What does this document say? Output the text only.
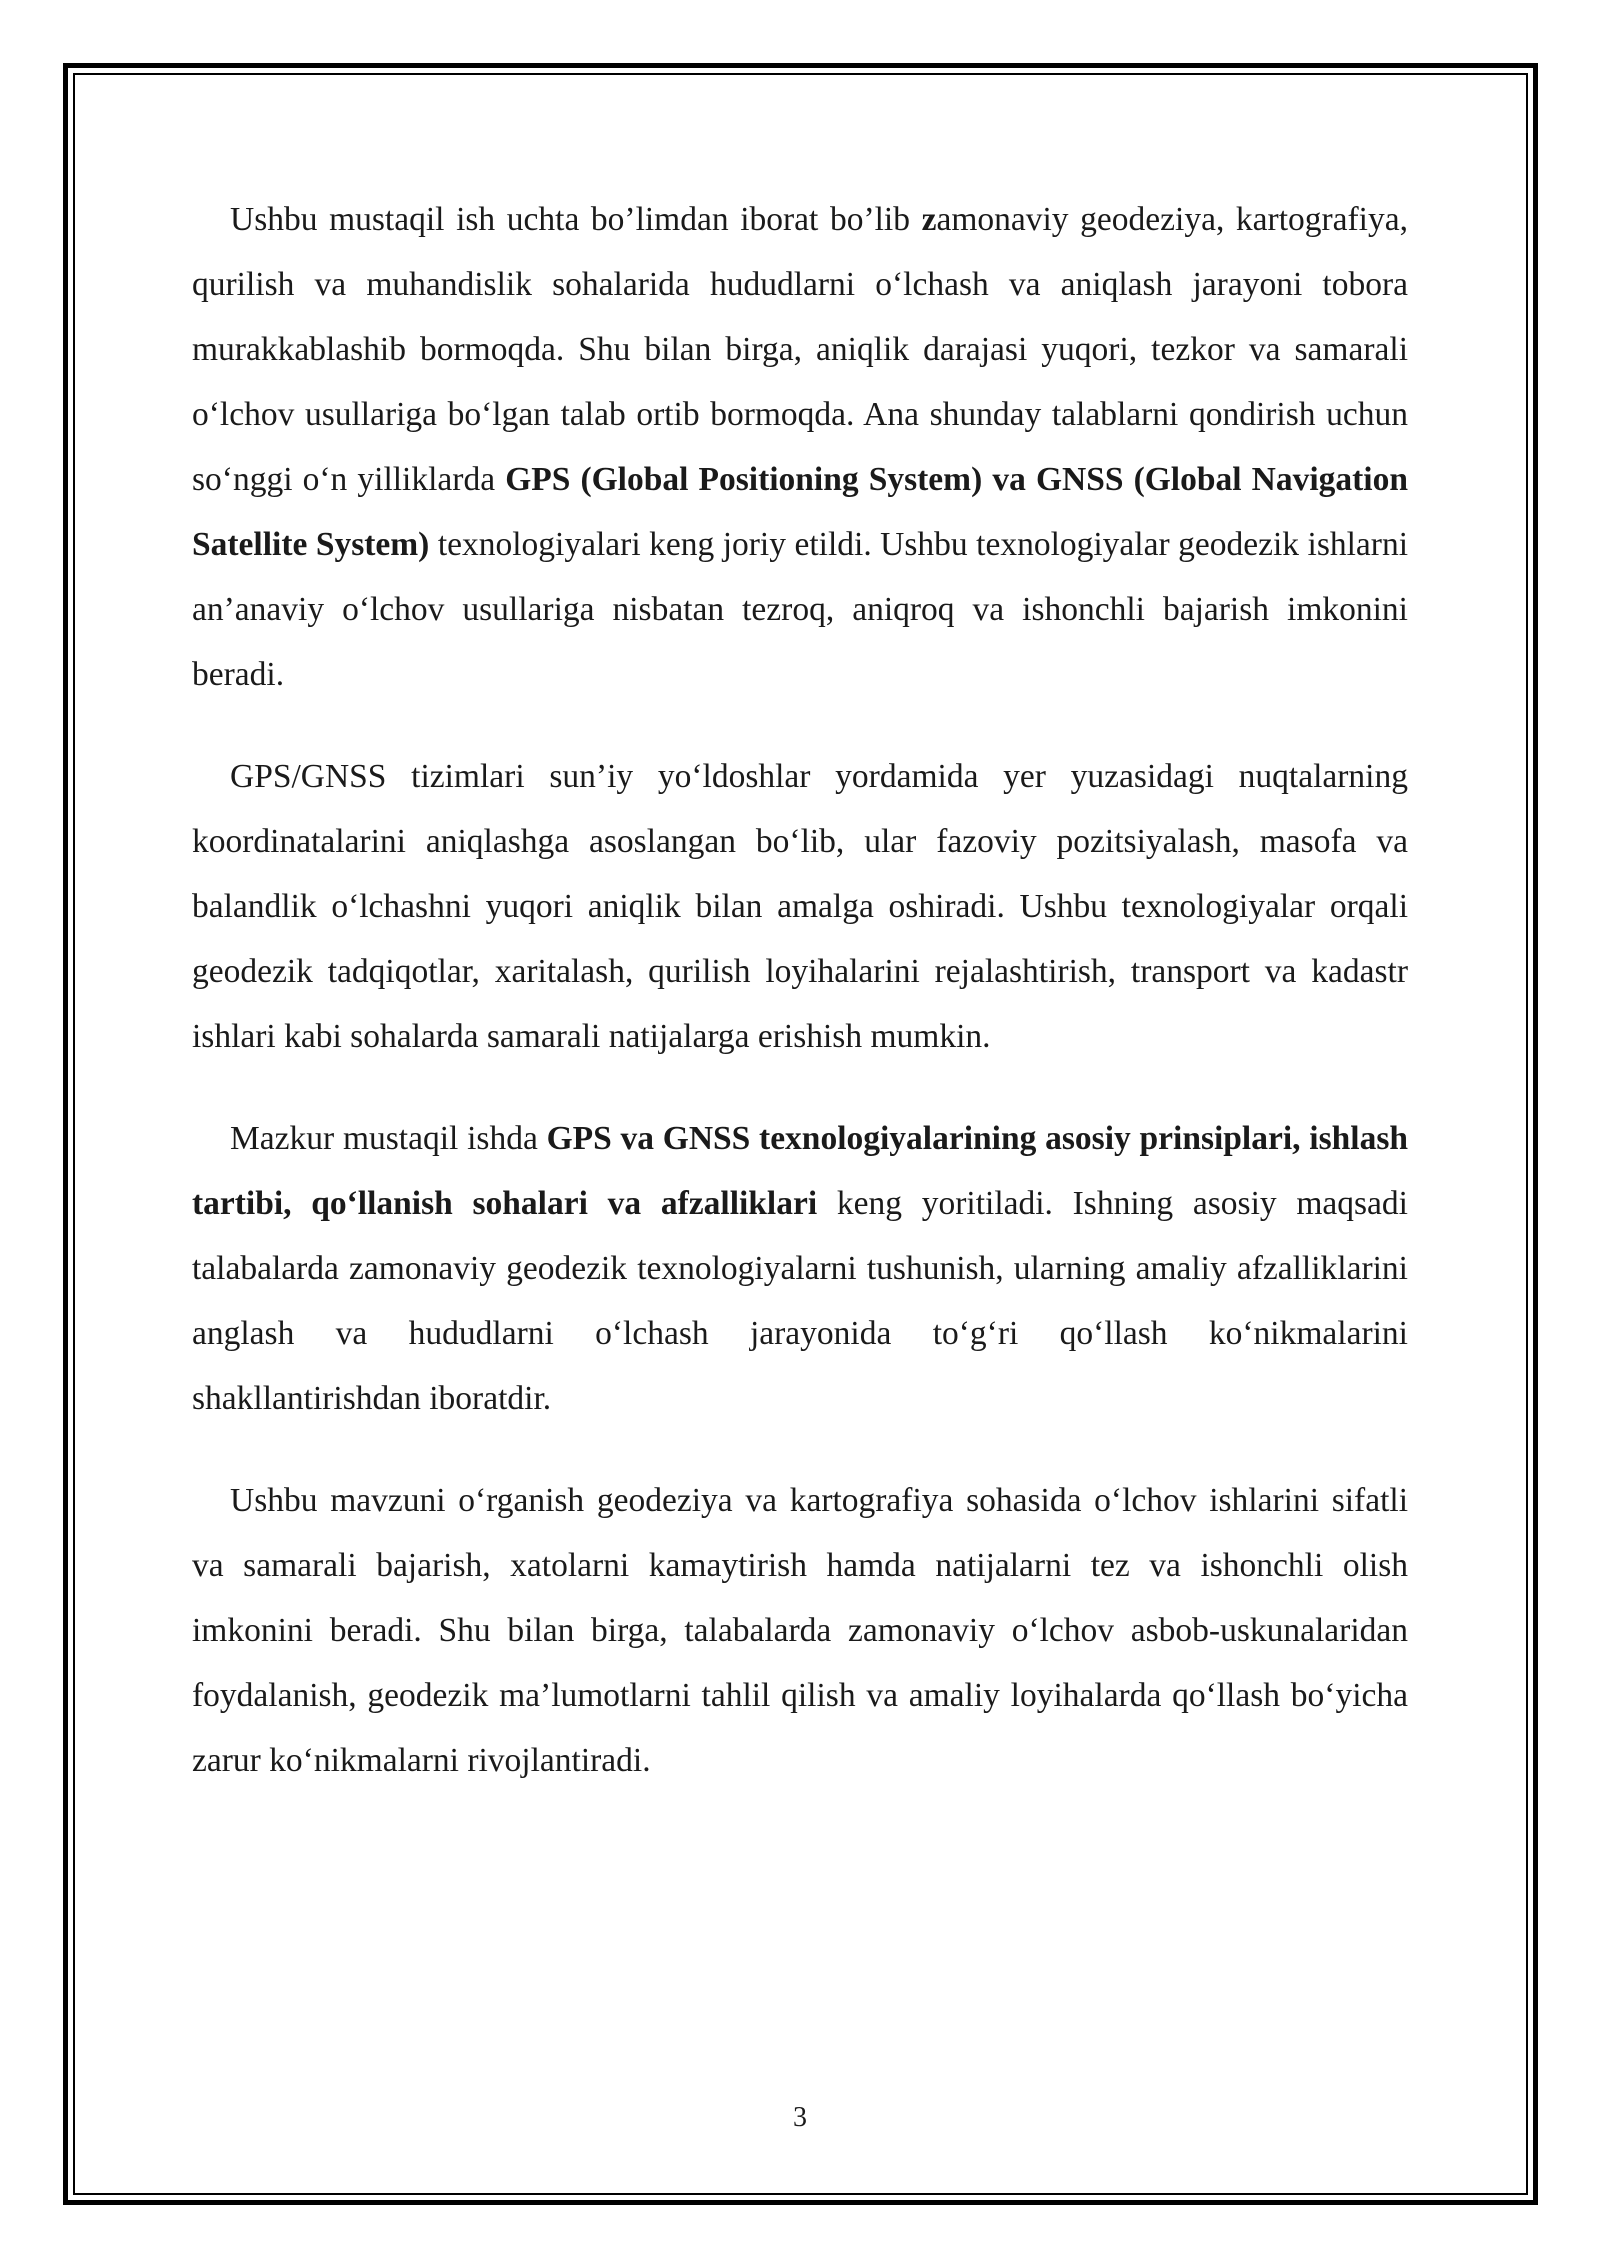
Ushbu mustaqil ish uchta bo’limdan iborat bo’lib zamonaviy geodeziya, kartografiya, qurilish va muhandislik sohalarida hududlarni o‘lchash va aniqlash jarayoni tobora murakkablashib bormoqda. Shu bilan birga, aniqlik darajasi yuqori, tezkor va samarali o‘lchov usullariga bo‘lgan talab ortib bormoqda. Ana shunday talablarni qondirish uchun so‘nggi o‘n yilliklarda GPS (Global Positioning System) va GNSS (Global Navigation Satellite System) texnologiyalari keng joriy etildi. Ushbu texnologiyalar geodezik ishlarni an’anaviy o‘lchov usullariga nisbatan tezroq, aniqroq va ishonchli bajarish imkonini beradi.

GPS/GNSS tizimlari sun’iy yo‘ldoshlar yordamida yer yuzasidagi nuqtalarning koordinatalarini aniqlashga asoslangan bo‘lib, ular fazoviy pozitsiyalash, masofa va balandlik o‘lchashni yuqori aniqlik bilan amalga oshiradi. Ushbu texnologiyalar orqali geodezik tadqiqotlar, xaritalash, qurilish loyihalarini rejalashtirish, transport va kadastr ishlari kabi sohalarda samarali natijalarga erishish mumkin.

Mazkur mustaqil ishda GPS va GNSS texnologiyalarining asosiy prinsiplari, ishlash tartibi, qo‘llanish sohalari va afzalliklari keng yoritiladi. Ishning asosiy maqsadi talabalarda zamonaviy geodezik texnologiyalarni tushunish, ularning amaliy afzalliklarini anglash va hududlarni o‘lchash jarayonida to‘g‘ri qo‘llash ko‘nikmalarini shakllantirishdan iboratdir.

Ushbu mavzuni o‘rganish geodeziya va kartografiya sohasida o‘lchov ishlarini sifatli va samarali bajarish, xatolarni kamaytirish hamda natijalarni tez va ishonchli olish imkonini beradi. Shu bilan birga, talabalarda zamonaviy o‘lchov asbob-uskunalaridan foydalanish, geodezik ma’lumotlarni tahlil qilish va amaliy loyihalarda qo‘llash bo‘yicha zarur ko‘nikmalarni rivojlantiradi.

3
